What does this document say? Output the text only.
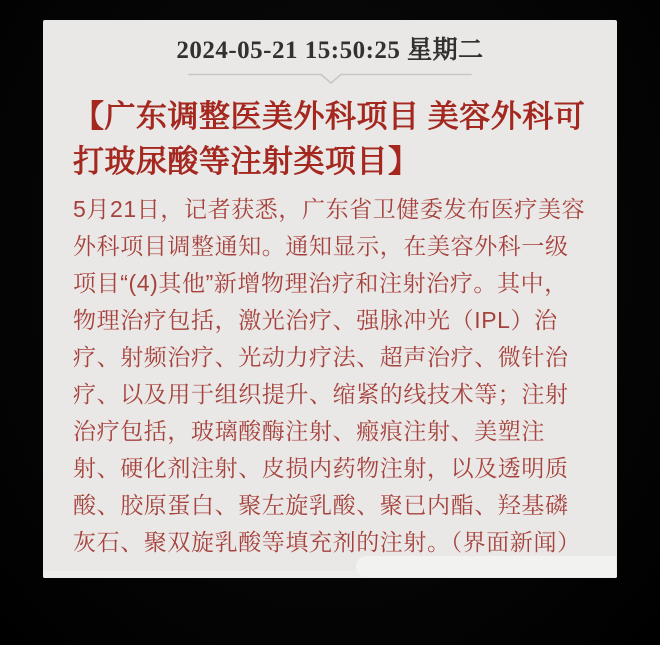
2024-05-21 15:50:25 星期二
【广东调整医美外科项目 美容外科可
打玻尿酸等注射类项目】
5月21日，记者获悉，广东省卫健委发布医疗美容
外科项目调整通知。通知显示，在美容外科一级
项目“(4)其他”新增物理治疗和注射治疗。其中，
物理治疗包括，激光治疗、强脉冲光（IPL）治
疗、射频治疗、光动力疗法、超声治疗、微针治
疗、以及用于组织提升、缩紧的线技术等；注射
治疗包括，玻璃酸酶注射、瘢痕注射、美塑注
射、硬化剂注射、皮损内药物注射，以及透明质
酸、胶原蛋白、聚左旋乳酸、聚已内酯、羟基磷
灰石、聚双旋乳酸等填充剂的注射。（界面新闻）
